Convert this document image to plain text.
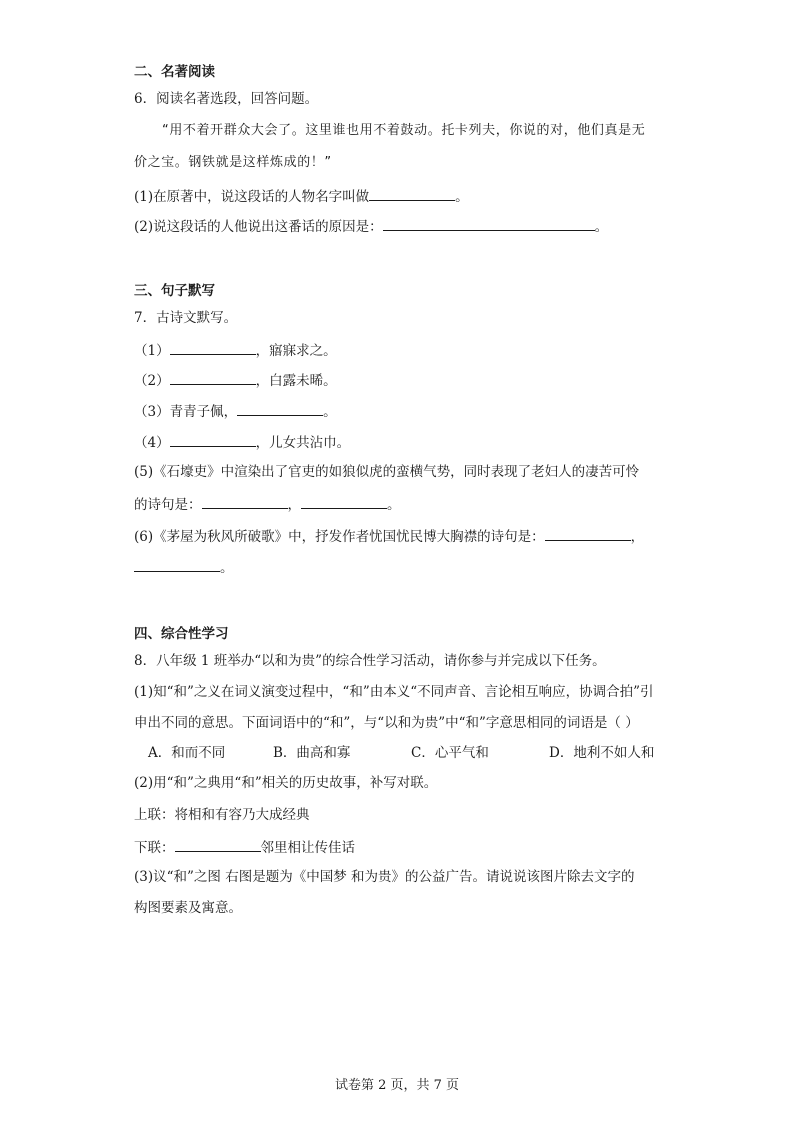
二、名著阅读
6．阅读名著选段，回答问题。
“用不着开群众大会了。这里谁也用不着鼓动。托卡列夫，你说的对，他们真是无
价之宝。钢铁就是这样炼成的！”
(1)在原著中，说这段话的人物名字叫做	。
(2)说这段话的人他说出这番话的原因是：	。
三、句子默写
7．古诗文默写。
（1）	，寤寐求之。
（2）	，白露未晞。
（3）青青子佩，	。
（4）	，儿女共沾巾。
(5)《石壕吏》中渲染出了官吏的如狼似虎的蛮横气势，同时表现了老妇人的凄苦可怜
的诗句是：	，	。
(6)《茅屋为秋风所破歌》中，抒发作者忧国忧民博大胸襟的诗句是：	，
。
四、综合性学习
8．八年级 1 班举办“以和为贵”的综合性学习活动，请你参与并完成以下任务。
(1)知“和”之义在词义演变过程中，“和”由本义“不同声音、言论相互响应，协调合拍”引
申出不同的意思。下面词语中的“和”，与“以和为贵”中“和”字意思相同的词语是（ ）
A．和而不同	B．曲高和寡	C．心平气和	D．地利不如人和
(2)用“和”之典用“和”相关的历史故事，补写对联。
上联：将相和有容乃大成经典
下联：	邻里相让传佳话
(3)议“和”之图 右图是题为《中国梦 和为贵》的公益广告。请说说该图片除去文字的
构图要素及寓意。
试卷第 2 页，共 7 页
